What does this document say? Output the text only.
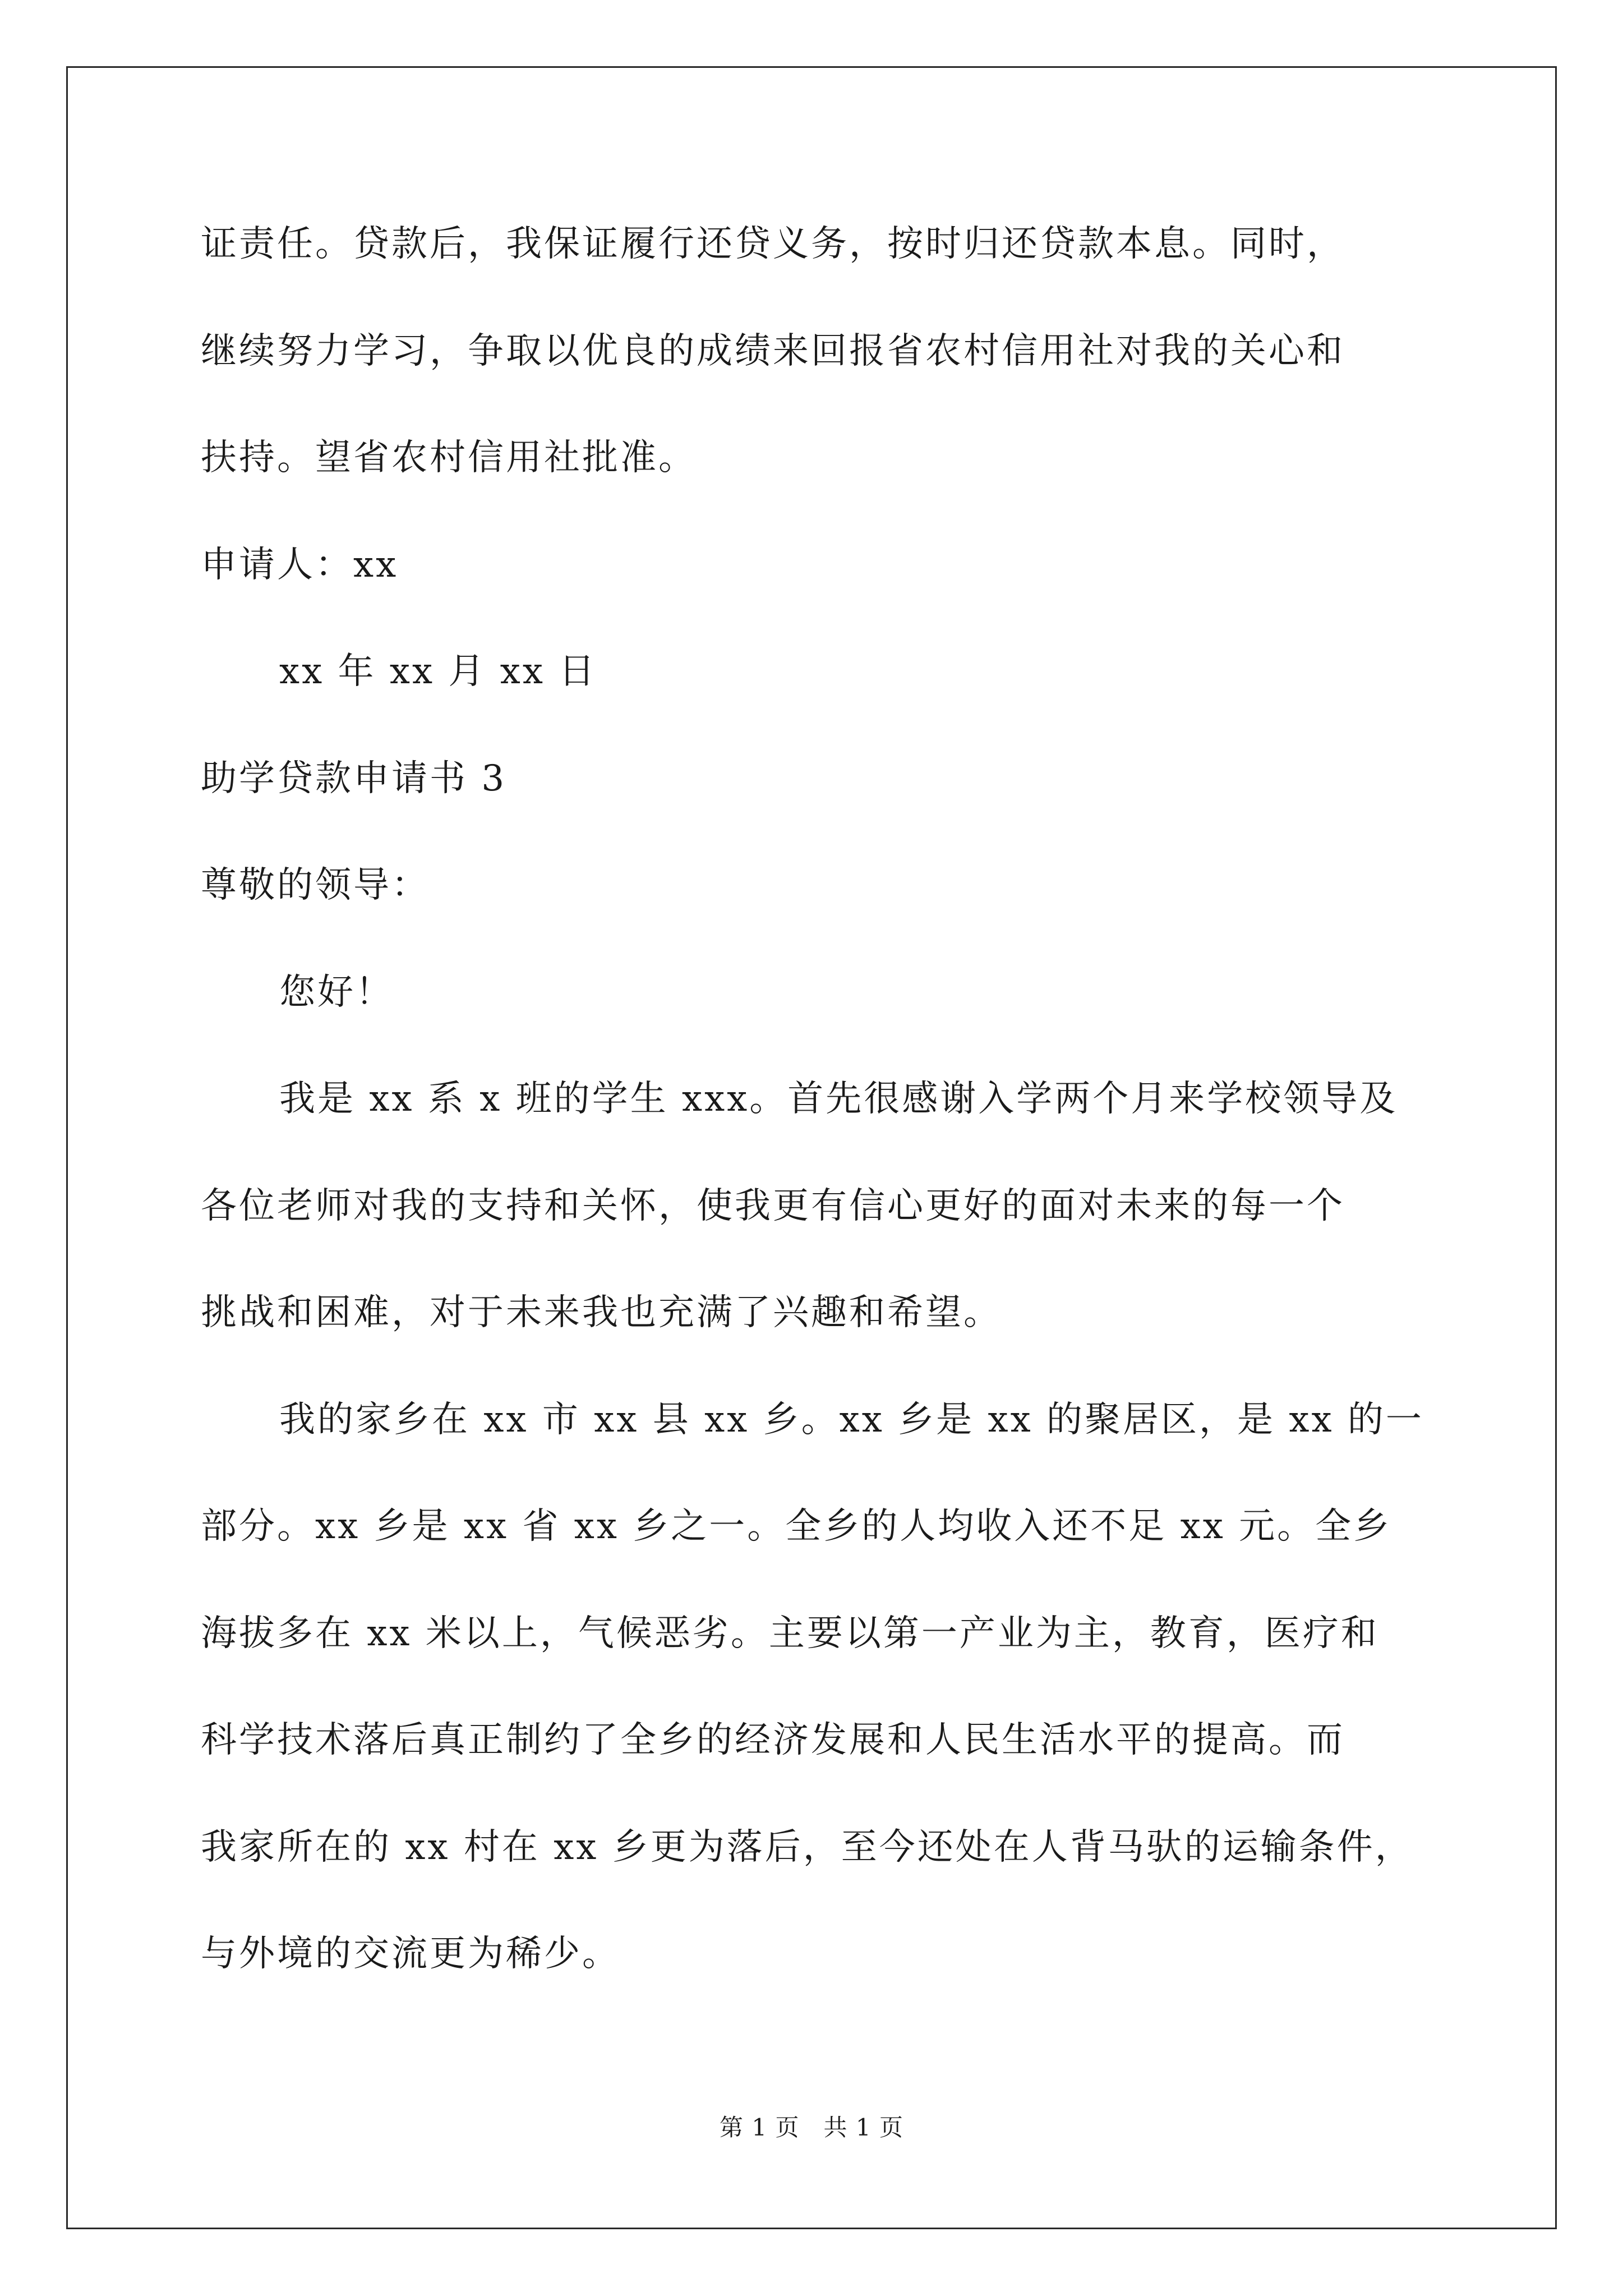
证责任。贷款后，我保证履行还贷义务，按时归还贷款本息。同时，
继续努力学习，争取以优良的成绩来回报省农村信用社对我的关心和
扶持。望省农村信用社批准。
申请人：xx
xx 年 xx 月 xx 日
助学贷款申请书 3
尊敬的领导：
您好！
我是 xx 系 x 班的学生 xxx。首先很感谢入学两个月来学校领导及
各位老师对我的支持和关怀，使我更有信心更好的面对未来的每一个
挑战和困难，对于未来我也充满了兴趣和希望。
我的家乡在 xx 市 xx 县 xx 乡。xx 乡是 xx 的聚居区，是 xx 的一
部分。xx 乡是 xx 省 xx 乡之一。全乡的人均收入还不足 xx 元。全乡
海拔多在 xx 米以上，气候恶劣。主要以第一产业为主，教育，医疗和
科学技术落后真正制约了全乡的经济发展和人民生活水平的提高。而
我家所在的 xx 村在 xx 乡更为落后，至今还处在人背马驮的运输条件，
与外境的交流更为稀少。
第 1 页   共 1 页
